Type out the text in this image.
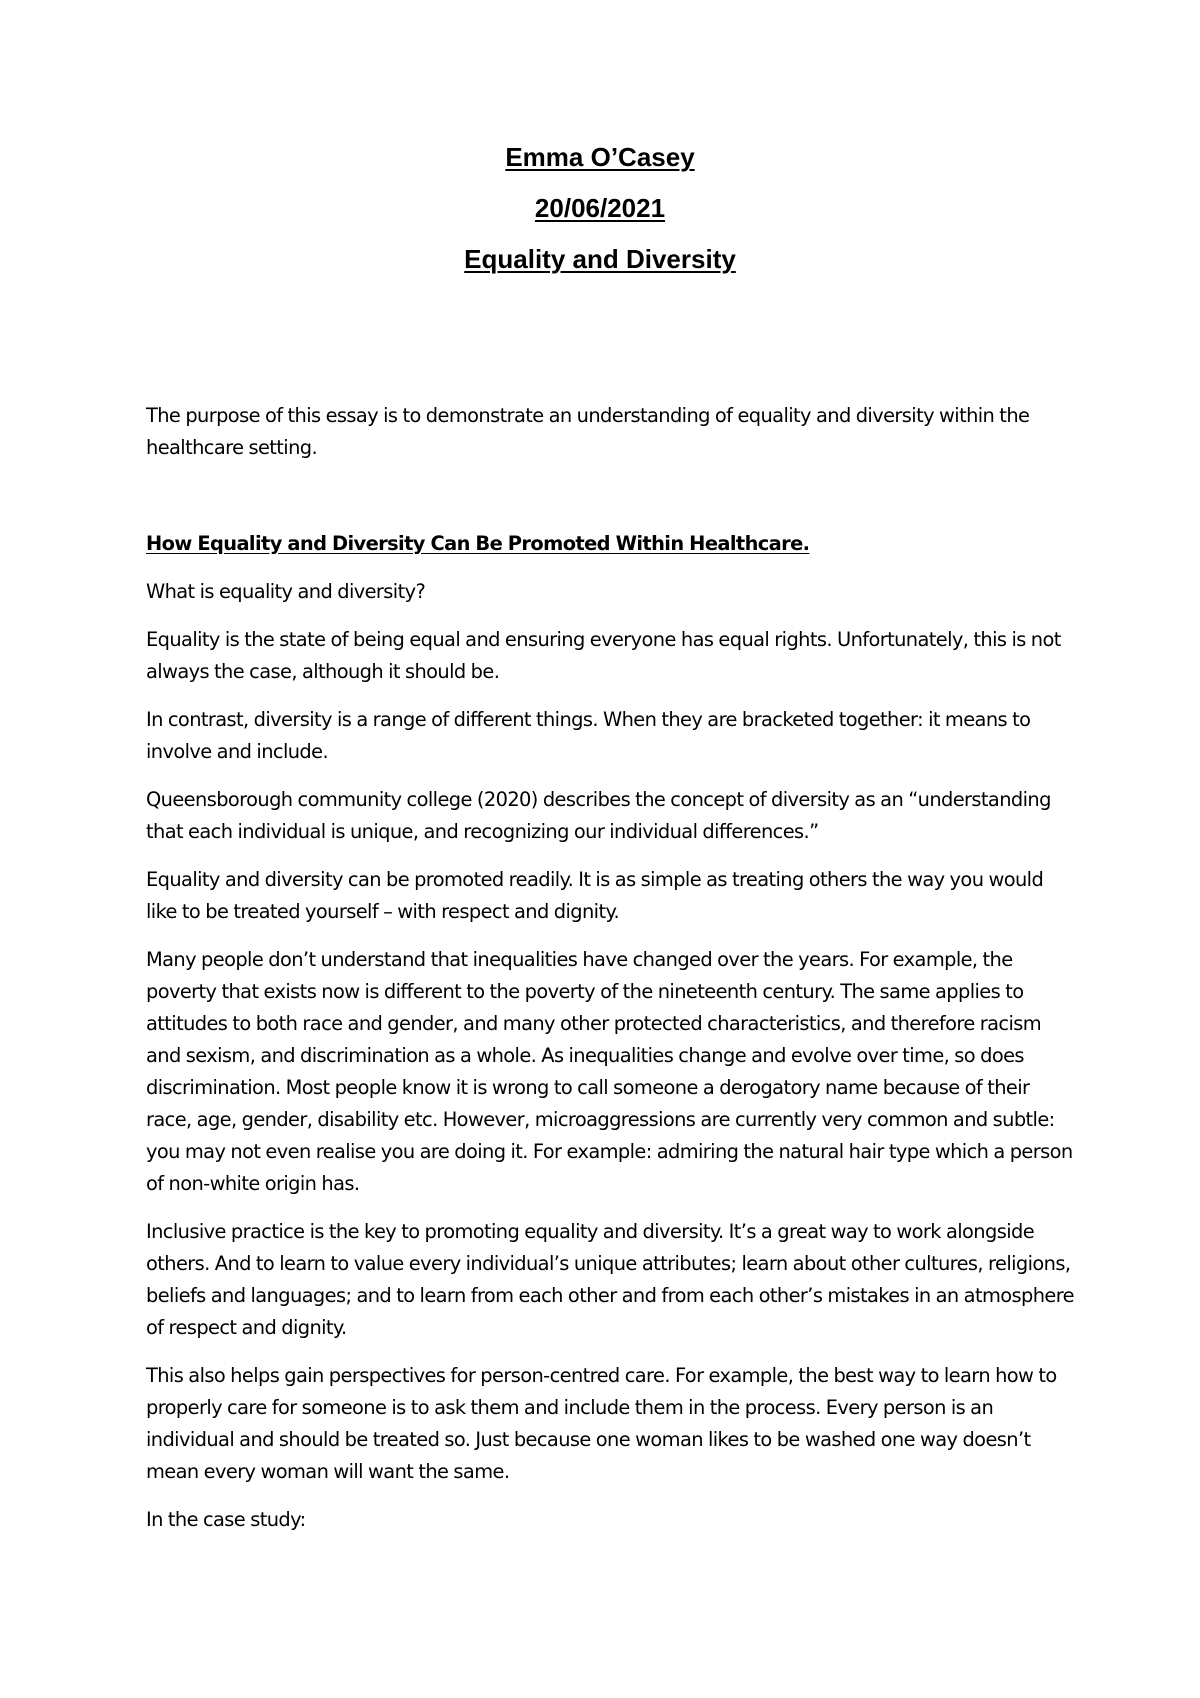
Emma O’Casey
20/06/2021
Equality and Diversity

The purpose of this essay is to demonstrate an understanding of equality and diversity within the healthcare setting.

How Equality and Diversity Can Be Promoted Within Healthcare.

What is equality and diversity?

Equality is the state of being equal and ensuring everyone has equal rights. Unfortunately, this is not always the case, although it should be.

In contrast, diversity is a range of different things. When they are bracketed together: it means to involve and include.

Queensborough community college (2020) describes the concept of diversity as an “understanding that each individual is unique, and recognizing our individual differences.”

Equality and diversity can be promoted readily. It is as simple as treating others the way you would like to be treated yourself – with respect and dignity.

Many people don’t understand that inequalities have changed over the years. For example, the poverty that exists now is different to the poverty of the nineteenth century. The same applies to attitudes to both race and gender, and many other protected characteristics, and therefore racism and sexism, and discrimination as a whole. As inequalities change and evolve over time, so does discrimination. Most people know it is wrong to call someone a derogatory name because of their race, age, gender, disability etc. However, microaggressions are currently very common and subtle: you may not even realise you are doing it. For example: admiring the natural hair type which a person of non-white origin has.

Inclusive practice is the key to promoting equality and diversity. It’s a great way to work alongside others. And to learn to value every individual’s unique attributes; learn about other cultures, religions, beliefs and languages; and to learn from each other and from each other’s mistakes in an atmosphere of respect and dignity.

This also helps gain perspectives for person-centred care. For example, the best way to learn how to properly care for someone is to ask them and include them in the process. Every person is an individual and should be treated so. Just because one woman likes to be washed one way doesn’t mean every woman will want the same.

In the case study:
